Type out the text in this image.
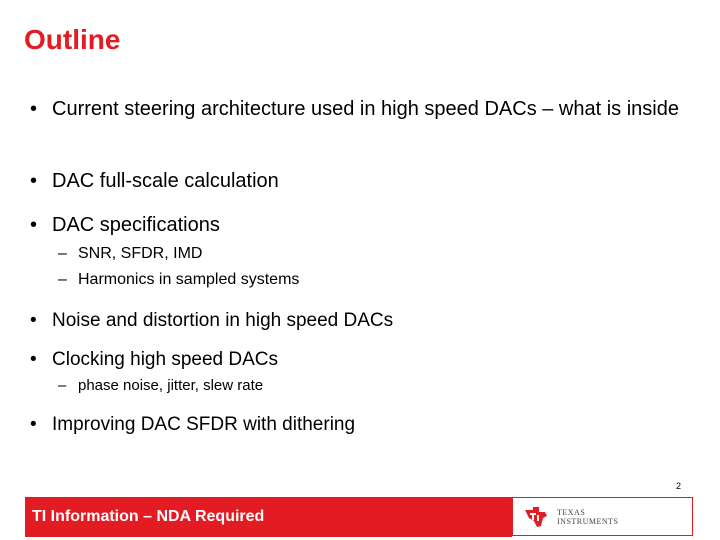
Outline
• Current steering architecture used in high speed DACs – what is inside
• DAC full-scale calculation
• DAC specifications
– SNR, SFDR, IMD
– Harmonics in sampled systems
• Noise and distortion in high speed DACs
• Clocking high speed DACs
– phase noise, jitter, slew rate
• Improving DAC SFDR with dithering
2
TI Information – NDA Required	TEXAS
INSTRUMENTS
